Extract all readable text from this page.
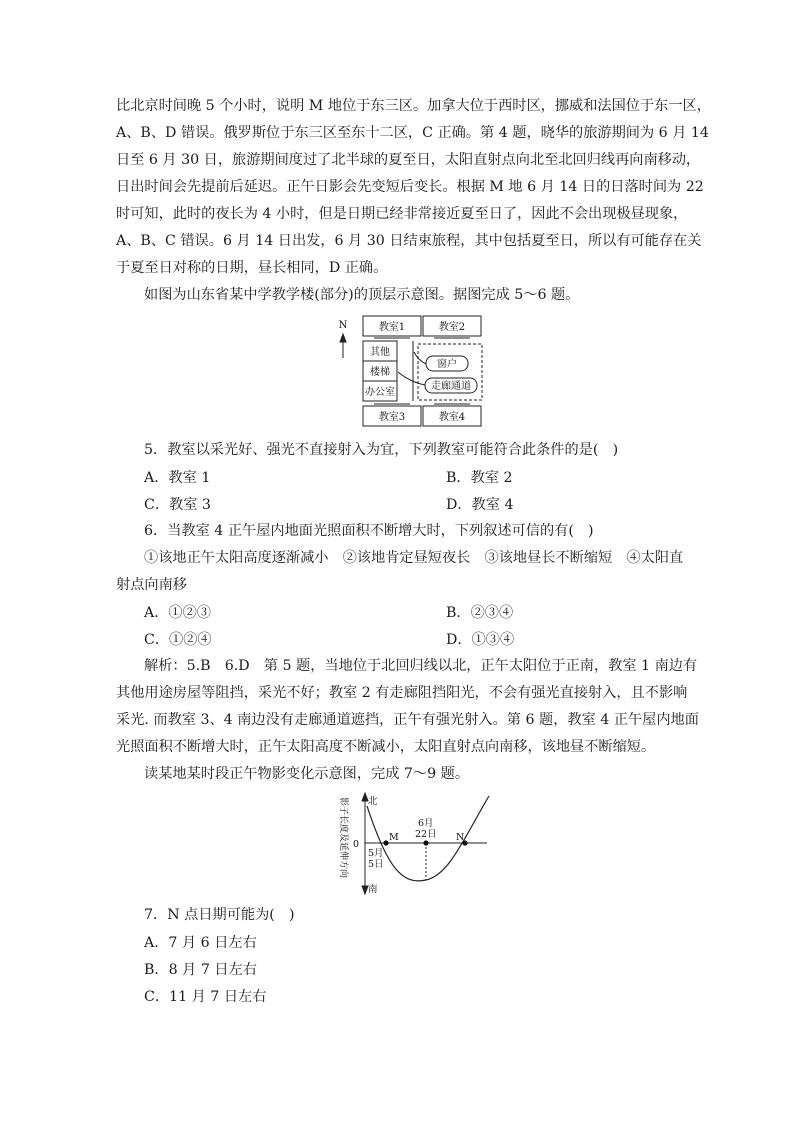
比北京时间晚 5 个小时，说明 M 地位于东三区。加拿大位于西时区，挪威和法国位于东一区，
A、B、D 错误。俄罗斯位于东三区至东十二区，C 正确。第 4 题，晓华的旅游期间为 6 月 14
日至 6 月 30 日，旅游期间度过了北半球的夏至日，太阳直射点向北至北回归线再向南移动，
日出时间会先提前后延迟。正午日影会先变短后变长。根据 M 地 6 月 14 日的日落时间为 22
时可知，此时的夜长为 4 小时，但是日期已经非常接近夏至日了，因此不会出现极昼现象，
A、B、C 错误。6 月 14 日出发，6 月 30 日结束旅程，其中包括夏至日，所以有可能存在关
于夏至日对称的日期，昼长相同，D 正确。
如图为山东省某中学教学楼(部分)的顶层示意图。据图完成 5～6 题。
N	教室1	教室2
其他
楼梯
办公室
教室3	教室4
窗户
走廊通道
5．教室以采光好、强光不直接射入为宜，下列教室可能符合此条件的是(　)
A．教室 1	B．教室 2
C．教室 3	D．教室 4
6．当教室 4 正午屋内地面光照面积不断增大时，下列叙述可信的有(　)
①该地正午太阳高度逐渐减小　②该地肯定昼短夜长　③该地昼长不断缩短　④太阳直
射点向南移
A．①②③	B．②③④
C．①②④	D．①③④
解析：5.B　6.D　第 5 题，当地位于北回归线以北，正午太阳位于正南，教室 1 南边有
其他用途房屋等阻挡，采光不好；教室 2 有走廊阻挡阳光，不会有强光直接射入，且不影响
采光. 而教室 3、4 南边没有走廊通道遮挡，正午有强光射入。第 6 题，教室 4 正午屋内地面
光照面积不断增大时，正午太阳高度不断减小，太阳直射点向南移，该地昼不断缩短。
读某地某时段正午物影变化示意图，完成 7～9 题。
影子长度及延伸方向 北
南
0
M	N
6月
22日
5月
5日
7．N 点日期可能为(　)
A．7 月 6 日左右
B．8 月 7 日左右
C．11 月 7 日左右
